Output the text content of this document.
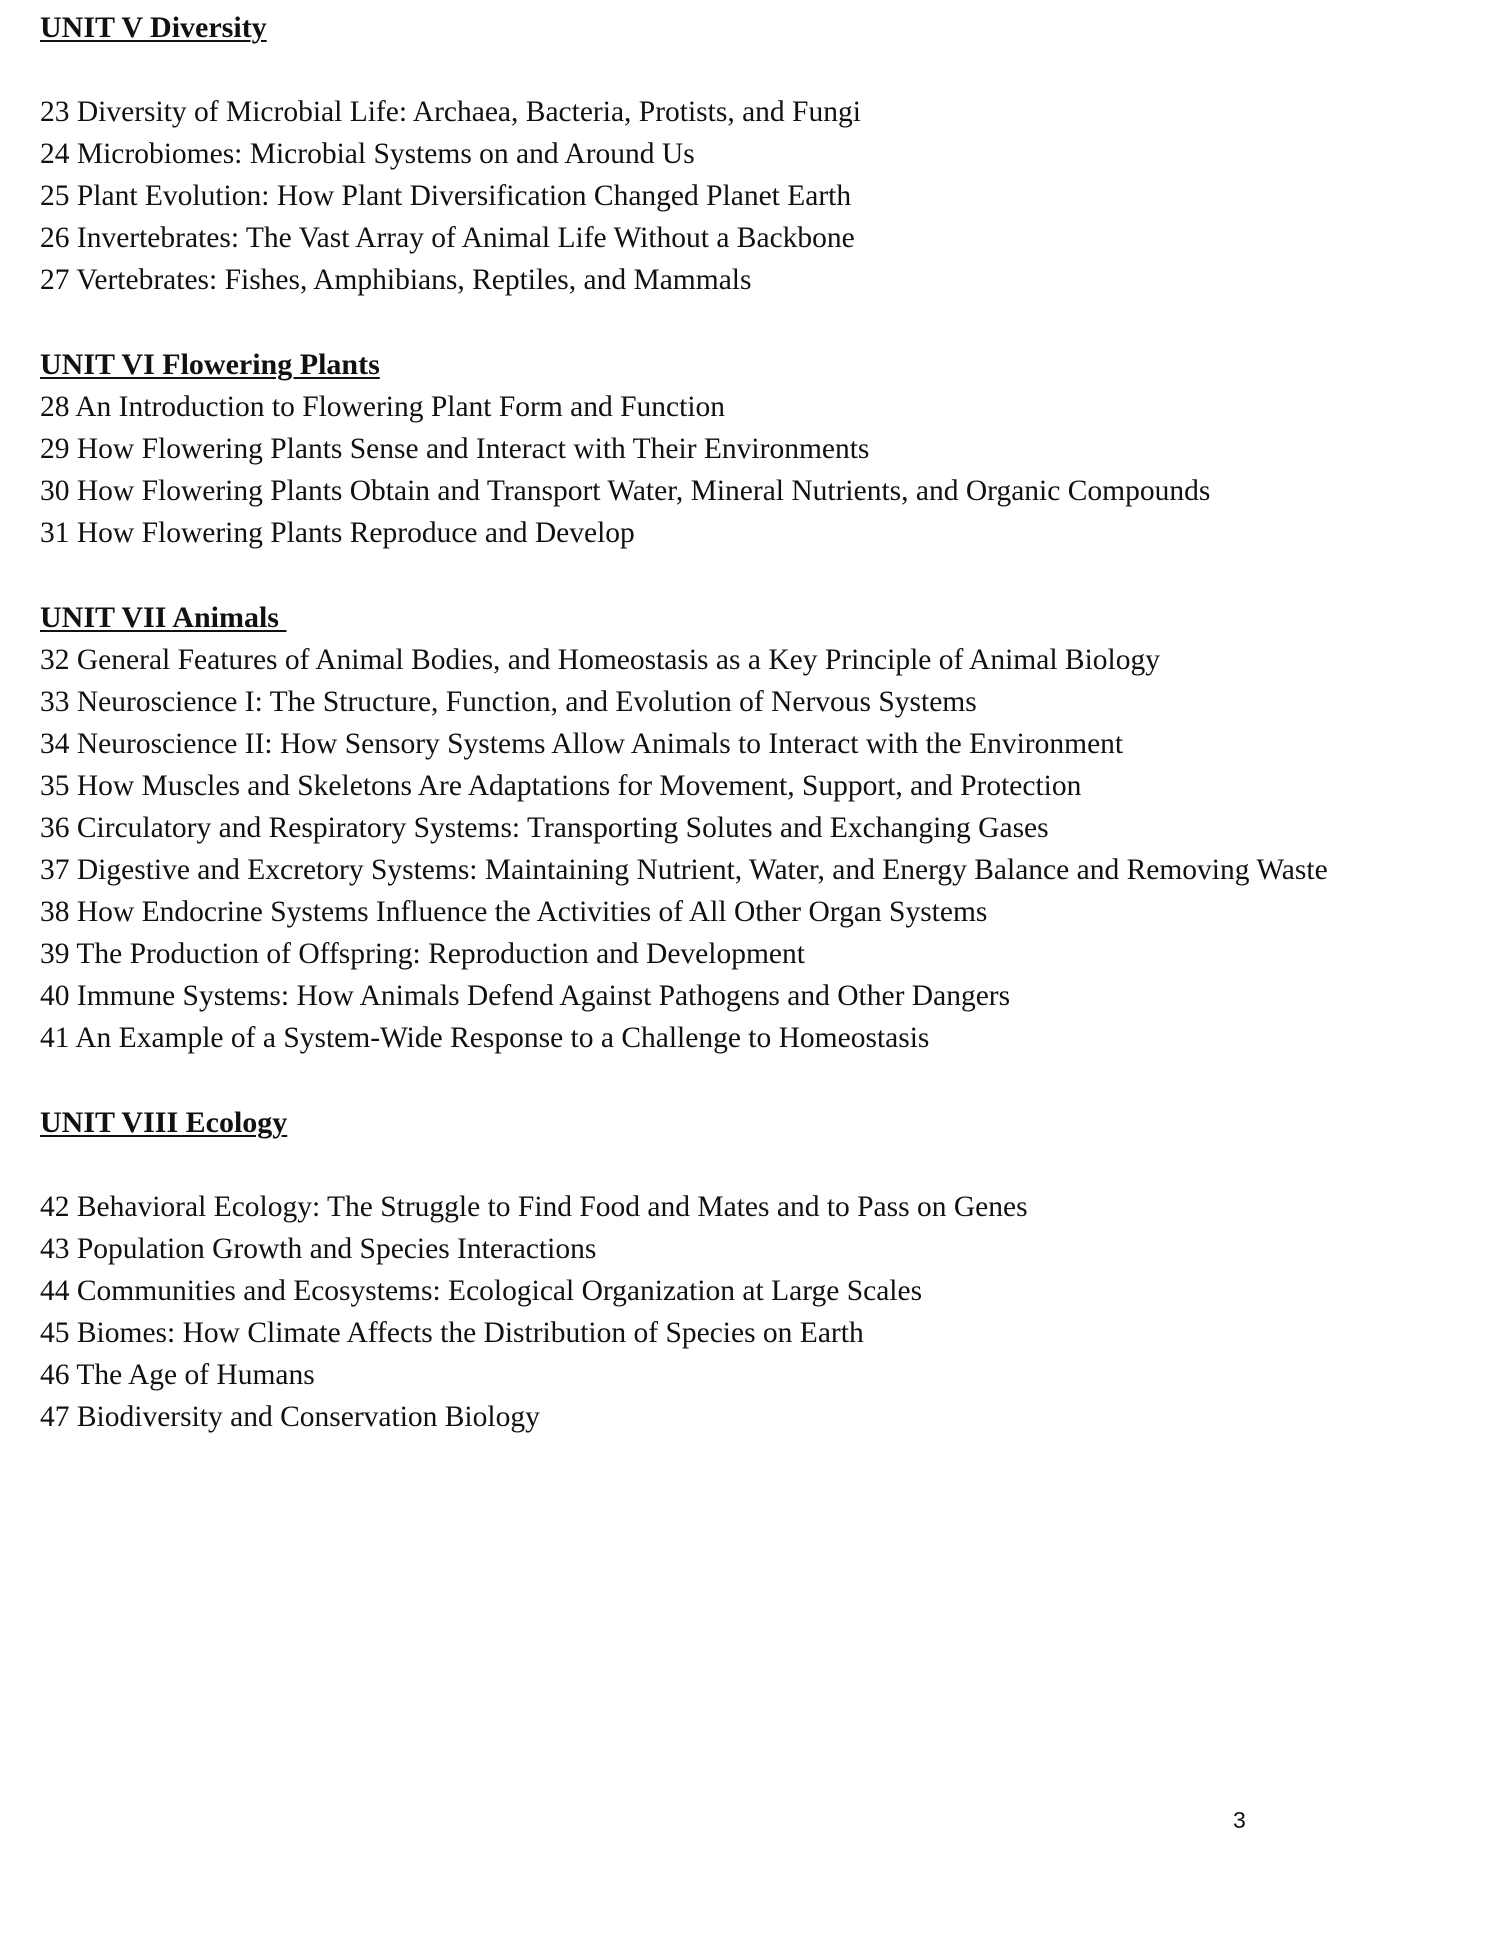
UNIT V Diversity
23 Diversity of Microbial Life: Archaea, Bacteria, Protists, and Fungi
24 Microbiomes: Microbial Systems on and Around Us
25 Plant Evolution: How Plant Diversification Changed Planet Earth
26 Invertebrates: The Vast Array of Animal Life Without a Backbone
27 Vertebrates: Fishes, Amphibians, Reptiles, and Mammals
UNIT VI Flowering Plants
28 An Introduction to Flowering Plant Form and Function
29 How Flowering Plants Sense and Interact with Their Environments
30 How Flowering Plants Obtain and Transport Water, Mineral Nutrients, and Organic Compounds
31 How Flowering Plants Reproduce and Develop
UNIT VII Animals
32 General Features of Animal Bodies, and Homeostasis as a Key Principle of Animal Biology
33 Neuroscience I: The Structure, Function, and Evolution of Nervous Systems
34 Neuroscience II: How Sensory Systems Allow Animals to Interact with the Environment
35 How Muscles and Skeletons Are Adaptations for Movement, Support, and Protection
36 Circulatory and Respiratory Systems: Transporting Solutes and Exchanging Gases
37 Digestive and Excretory Systems: Maintaining Nutrient, Water, and Energy Balance and Removing Waste
38 How Endocrine Systems Influence the Activities of All Other Organ Systems
39 The Production of Offspring: Reproduction and Development
40 Immune Systems: How Animals Defend Against Pathogens and Other Dangers
41 An Example of a System-Wide Response to a Challenge to Homeostasis
UNIT VIII Ecology
42 Behavioral Ecology: The Struggle to Find Food and Mates and to Pass on Genes
43 Population Growth and Species Interactions
44 Communities and Ecosystems: Ecological Organization at Large Scales
45 Biomes: How Climate Affects the Distribution of Species on Earth
46 The Age of Humans
47 Biodiversity and Conservation Biology
3
